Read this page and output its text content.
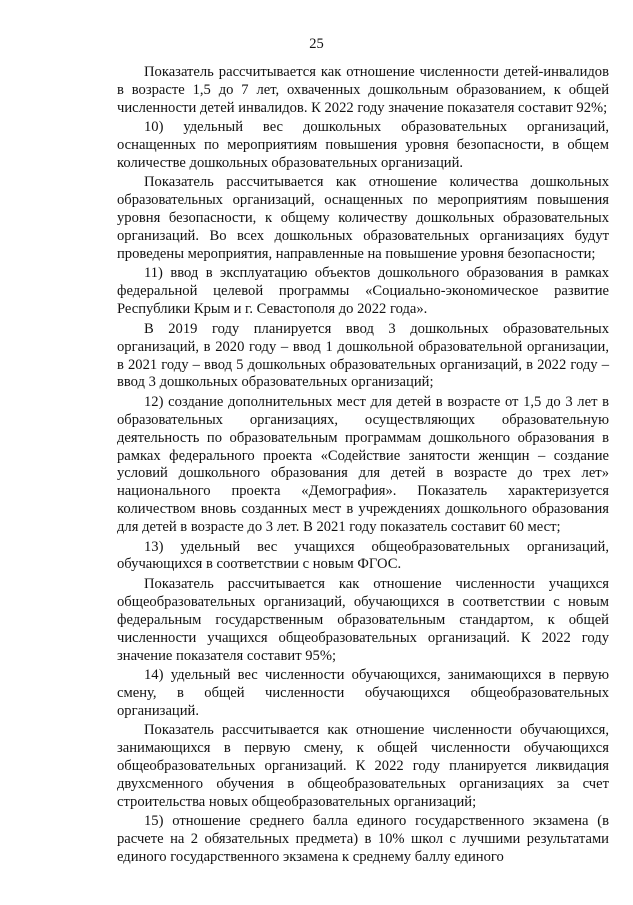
25

Показатель рассчитывается как отношение численности детей-инвалидов в возрасте 1,5 до 7 лет, охваченных дошкольным образованием, к общей численности детей инвалидов. К 2022 году значение показателя составит 92%;

10) удельный вес дошкольных образовательных организаций, оснащенных по мероприятиям повышения уровня безопасности, в общем количестве дошкольных образовательных организаций.

Показатель рассчитывается как отношение количества дошкольных образовательных организаций, оснащенных по мероприятиям повышения уровня безопасности, к общему количеству дошкольных образовательных организаций. Во всех дошкольных образовательных организациях будут проведены мероприятия, направленные на повышение уровня безопасности;

11) ввод в эксплуатацию объектов дошкольного образования в рамках федеральной целевой программы «Социально-экономическое развитие Республики Крым и г. Севастополя до 2022 года».

В 2019 году планируется ввод 3 дошкольных образовательных организаций, в 2020 году – ввод 1 дошкольной образовательной организации, в 2021 году – ввод 5 дошкольных образовательных организаций, в 2022 году – ввод 3 дошкольных образовательных организаций;

12) создание дополнительных мест для детей в возрасте от 1,5 до 3 лет в образовательных организациях, осуществляющих образовательную деятельность по образовательным программам дошкольного образования в рамках федерального проекта «Содействие занятости женщин – создание условий дошкольного образования для детей в возрасте до трех лет» национального проекта «Демография». Показатель характеризуется количеством вновь созданных мест в учреждениях дошкольного образования для детей в возрасте до 3 лет. В 2021 году показатель составит 60 мест;

13) удельный вес учащихся общеобразовательных организаций, обучающихся в соответствии с новым ФГОС.

Показатель рассчитывается как отношение численности учащихся общеобразовательных организаций, обучающихся в соответствии с новым федеральным государственным образовательным стандартом, к общей численности учащихся общеобразовательных организаций. К 2022 году значение показателя составит 95%;

14) удельный вес численности обучающихся, занимающихся в первую смену, в общей численности обучающихся общеобразовательных организаций.

Показатель рассчитывается как отношение численности обучающихся, занимающихся в первую смену, к общей численности обучающихся общеобразовательных организаций. К 2022 году планируется ликвидация двухсменного обучения в общеобразовательных организациях за счет строительства новых общеобразовательных организаций;

15) отношение среднего балла единого государственного экзамена (в расчете на 2 обязательных предмета) в 10% школ с лучшими результатами единого государственного экзамена к среднему баллу единого
